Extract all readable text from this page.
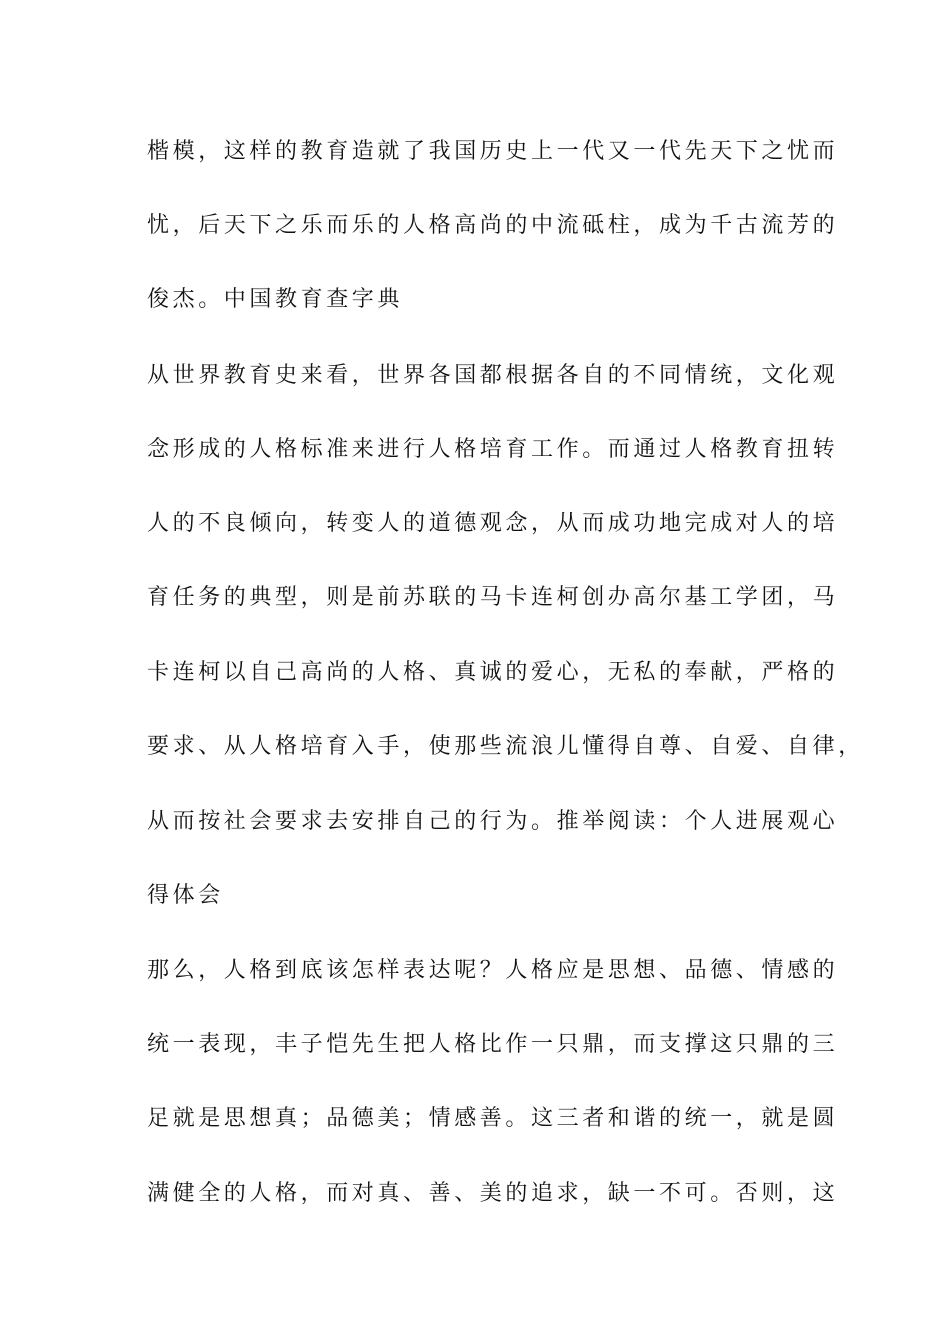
楷模，这样的教育造就了我国历史上一代又一代先天下之忧而
忧，后天下之乐而乐的人格高尚的中流砥柱，成为千古流芳的
俊杰。中国教育查字典
从世界教育史来看，世界各国都根据各自的不同情统，文化观
念形成的人格标准来进行人格培育工作。而通过人格教育扭转
人的不良倾向，转变人的道德观念，从而成功地完成对人的培
育任务的典型，则是前苏联的马卡连柯创办高尔基工学团，马
卡连柯以自己高尚的人格、真诚的爱心，无私的奉献，严格的
要求、从人格培育入手，使那些流浪儿懂得自尊、自爱、自律，
从而按社会要求去安排自己的行为。推举阅读：个人进展观心
得体会
那么，人格到底该怎样表达呢？人格应是思想、品德、情感的
统一表现，丰子恺先生把人格比作一只鼎，而支撑这只鼎的三
足就是思想真；品德美；情感善。这三者和谐的统一，就是圆
满健全的人格，而对真、善、美的追求，缺一不可。否则，这
